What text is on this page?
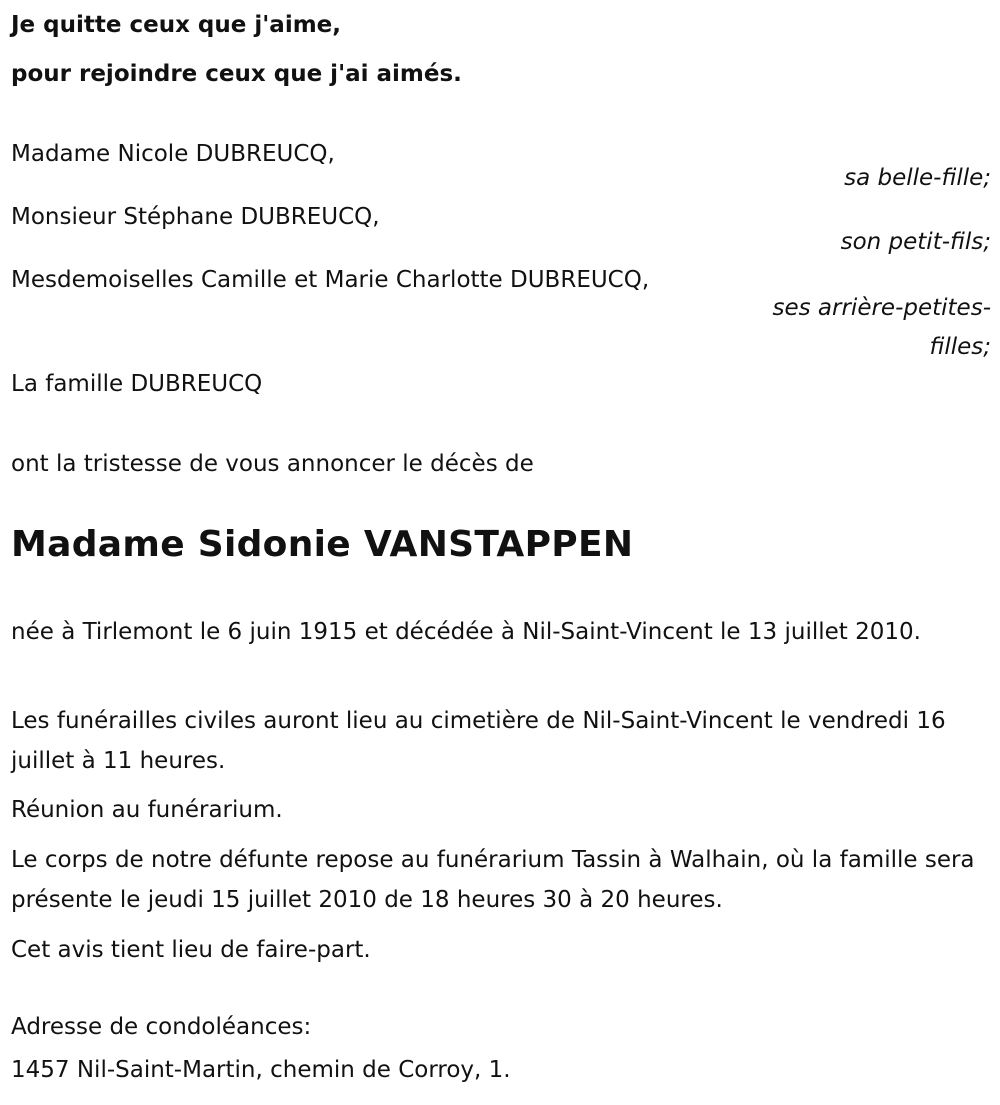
Je quitte ceux que j'aime,
pour rejoindre ceux que j'ai aimés.
Madame Nicole DUBREUCQ,
sa belle-fille;
Monsieur Stéphane DUBREUCQ,
son petit-fils;
Mesdemoiselles Camille et Marie Charlotte DUBREUCQ,
ses arrière-petites-filles;
La famille DUBREUCQ
ont la tristesse de vous annoncer le décès de
Madame Sidonie VANSTAPPEN
née à Tirlemont le 6 juin 1915 et décédée à Nil-Saint-Vincent le 13 juillet 2010.
Les funérailles civiles auront lieu au cimetière de Nil-Saint-Vincent le vendredi 16 juillet à 11 heures.
Réunion au funérarium.
Le corps de notre défunte repose au funérarium Tassin à Walhain, où la famille sera présente le jeudi 15 juillet 2010 de 18 heures 30 à 20 heures.
Cet avis tient lieu de faire-part.
Adresse de condoléances:
1457 Nil-Saint-Martin, chemin de Corroy, 1.
